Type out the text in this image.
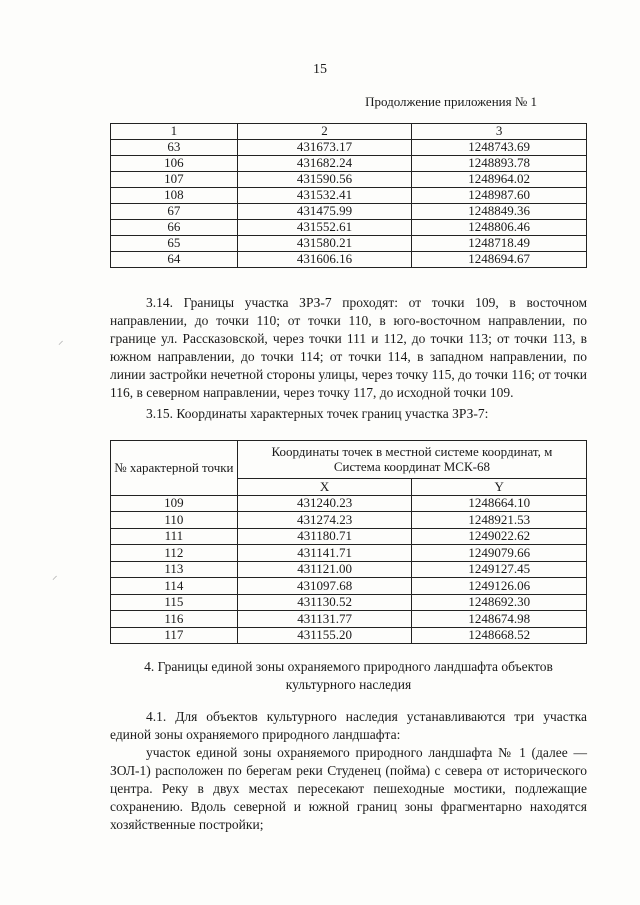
15
Продолжение приложения № 1
1	2	3
63	431673.17	1248743.69
106	431682.24	1248893.78
107	431590.56	1248964.02
108	431532.41	1248987.60
67	431475.99	1248849.36
66	431552.61	1248806.46
65	431580.21	1248718.49
64	431606.16	1248694.67
3.14. Границы участка ЗРЗ-7 проходят: от точки 109, в восточном направлении, до точки 110; от точки 110, в юго-восточном направлении, по границе ул. Рассказовской, через точки 111 и 112, до точки 113; от точки 113, в южном направлении, до точки 114; от точки 114, в западном направлении, по линии застройки нечетной стороны улицы, через точку 115, до точки 116; от точки 116, в северном направлении, через точку 117, до исходной точки 109.
3.15. Координаты характерных точек границ участка ЗРЗ-7:
№ характерной точки	Координаты точек в местной системе координат, м
Система координат МСК-68	

	X	Y
109	431240.23	1248664.10
110	431274.23	1248921.53
111	431180.71	1249022.62
112	431141.71	1249079.66
113	431121.00	1249127.45
114	431097.68	1249126.06
115	431130.52	1248692.30
116	431131.77	1248674.98
117	431155.20	1248668.52
4. Границы единой зоны охраняемого природного ландшафта объектов
культурного наследия
4.1. Для объектов культурного наследия устанавливаются три участка единой зоны охраняемого природного ландшафта:
участок единой зоны охраняемого природного ландшафта № 1 (далее — ЗОЛ-1) расположен по берегам реки Студенец (пойма) с севера от исторического центра. Реку в двух местах пересекают пешеходные мостики, подлежащие сохранению. Вдоль северной и южной границ зоны фрагментарно находятся хозяйственные постройки;
⸝
⸝
